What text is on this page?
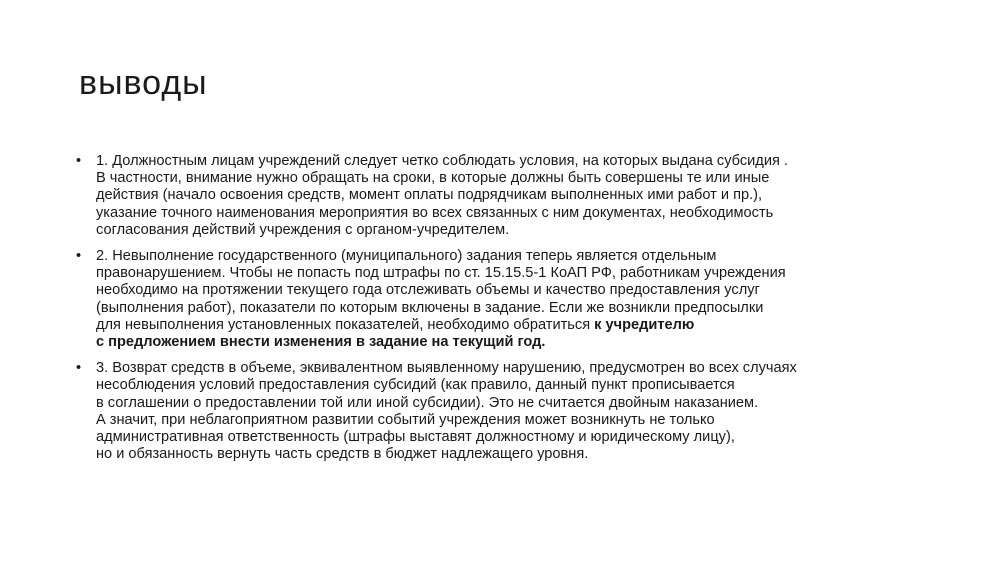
выводы
• 1. Должностным лицам учреждений следует четко соблюдать условия, на которых выдана субсидия .
В частности, внимание нужно обращать на сроки, в которые должны быть совершены те или иные
действия (начало освоения средств, момент оплаты подрядчикам выполненных ими работ и пр.),
указание точного наименования мероприятия во всех связанных с ним документах, необходимость
согласования действий учреждения с органом-учредителем.
• 2. Невыполнение государственного (муниципального) задания теперь является отдельным
правонарушением. Чтобы не попасть под штрафы по ст. 15.15.5-1 КоАП РФ, работникам учреждения
необходимо на протяжении текущего года отслеживать объемы и качество предоставления услуг
(выполнения работ), показатели по которым включены в задание. Если же возникли предпосылки
для невыполнения установленных показателей, необходимо обратиться к учредителю
с предложением внести изменения в задание на текущий год.
• 3. Возврат средств в объеме, эквивалентном выявленному нарушению, предусмотрен во всех случаях
несоблюдения условий предоставления субсидий (как правило, данный пункт прописывается
в соглашении о предоставлении той или иной субсидии). Это не считается двойным наказанием.
А значит, при неблагоприятном развитии событий учреждения может возникнуть не только
административная ответственность (штрафы выставят должностному и юридическому лицу),
но и обязанность вернуть часть средств в бюджет надлежащего уровня.
